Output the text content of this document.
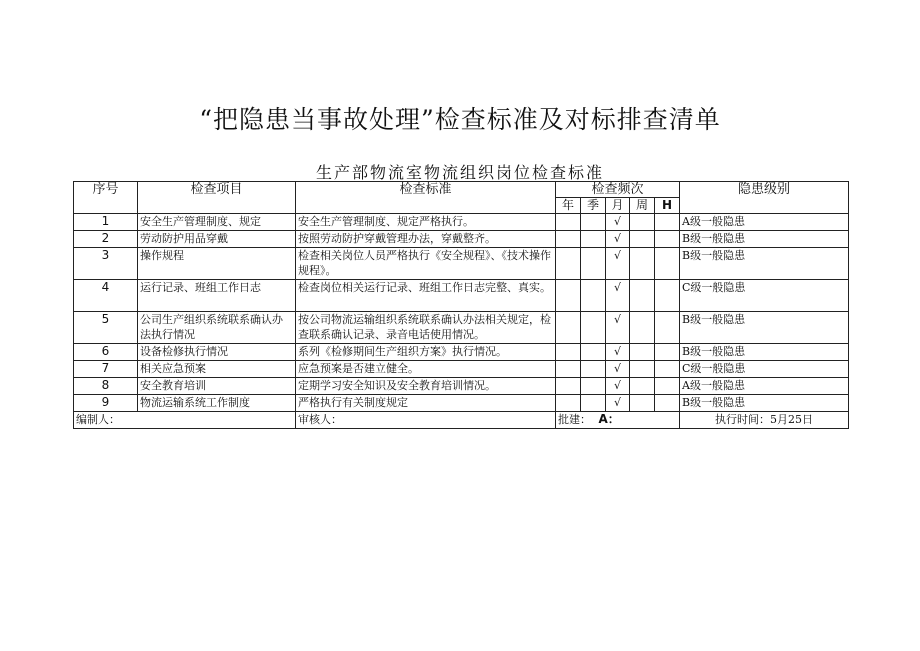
“把隐患当事故处理”检查标准及对标排查清单
生产部物流室物流组织岗位检查标准
序号	检查项目	检查标准	检查频次					隐患级别
			年	季	月	周	H	
1	安全生产管理制度、规定	安全生产管理制度、规定严格执行。			√			A级一般隐患
2	劳动防护用品穿戴	按照劳动防护穿戴管理办法，穿戴整齐。			√			B级一般隐患
3	操作规程	检查相关岗位人员严格执行《安全规程》、《技术操作规程》。			√			B级一般隐患
4	运行记录、班组工作日志	检查岗位相关运行记录、班组工作日志完整、真实。			√			C级一般隐患
5	公司生产组织系统联系确认办法执行情况	按公司物流运输组织系统联系确认办法相关规定，检查联系确认记录、录音电话使用情况。			√			B级一般隐患
6	设备检修执行情况	系列《检修期间生产组织方案》执行情况。			√			B级一般隐患
7	相关应急预案	应急预案是否建立健全。			√			C级一般隐患
8	安全教育培训	定期学习安全知识及安全教育培训情况。			√			A级一般隐患
9	物流运输系统工作制度	严格执行有关制度规定			√			B级一般隐患
编制人：		审核人：	批建： A：					执行时间：5月25日
